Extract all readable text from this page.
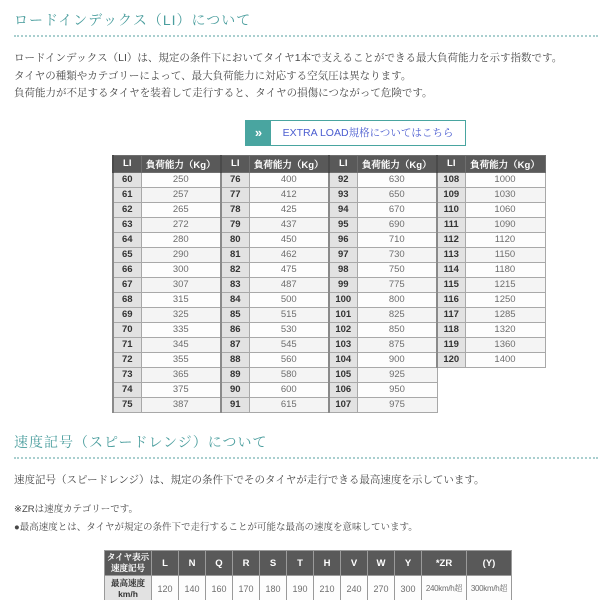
ロードインデックス（LI）について

ロードインデックス（LI）は、規定の条件下においてタイヤ1本で支えることができる最大負荷能力を示す指数です。

タイヤの種類やカテゴリーによって、最大負荷能力に対応する空気圧は異なります。

負荷能力が不足するタイヤを装着して走行すると、タイヤの損傷につながって危険です。

»	EXTRA LOAD規格についてはこちら
LI	負荷能力（Kg）	LI	負荷能力（Kg）	LI	負荷能力（Kg）	LI	負荷能力（Kg）
60	250	76	400	92	630	108	1000
61	257	77	412	93	650	109	1030
62	265	78	425	94	670	110	1060
63	272	79	437	95	690	111	1090
64	280	80	450	96	710	112	1120
65	290	81	462	97	730	113	1150
66	300	82	475	98	750	114	1180
67	307	83	487	99	775	115	1215
68	315	84	500	100	800	116	1250
69	325	85	515	101	825	117	1285
70	335	86	530	102	850	118	1320
71	345	87	545	103	875	119	1360
72	355	88	560	104	900	120	1400
73	365	89	580	105	925		
74	375	90	600	106	950		
75	387	91	615	107	975		
速度記号（スピードレンジ）について

速度記号（スピードレンジ）は、規定の条件下でそのタイヤが走行できる最高速度を示しています。

※ZRは速度カテゴリーです。

●最高速度とは、タイヤが規定の条件下で走行することが可能な最高の速度を意味しています。

タイヤ表示
速度記号	L	N	Q	R	S	T	H	V	W	Y	*ZR	(Y)

最高速度
km/h	120	140	160	170	180	190	210	240	270	300	240km/h超	300km/h超
